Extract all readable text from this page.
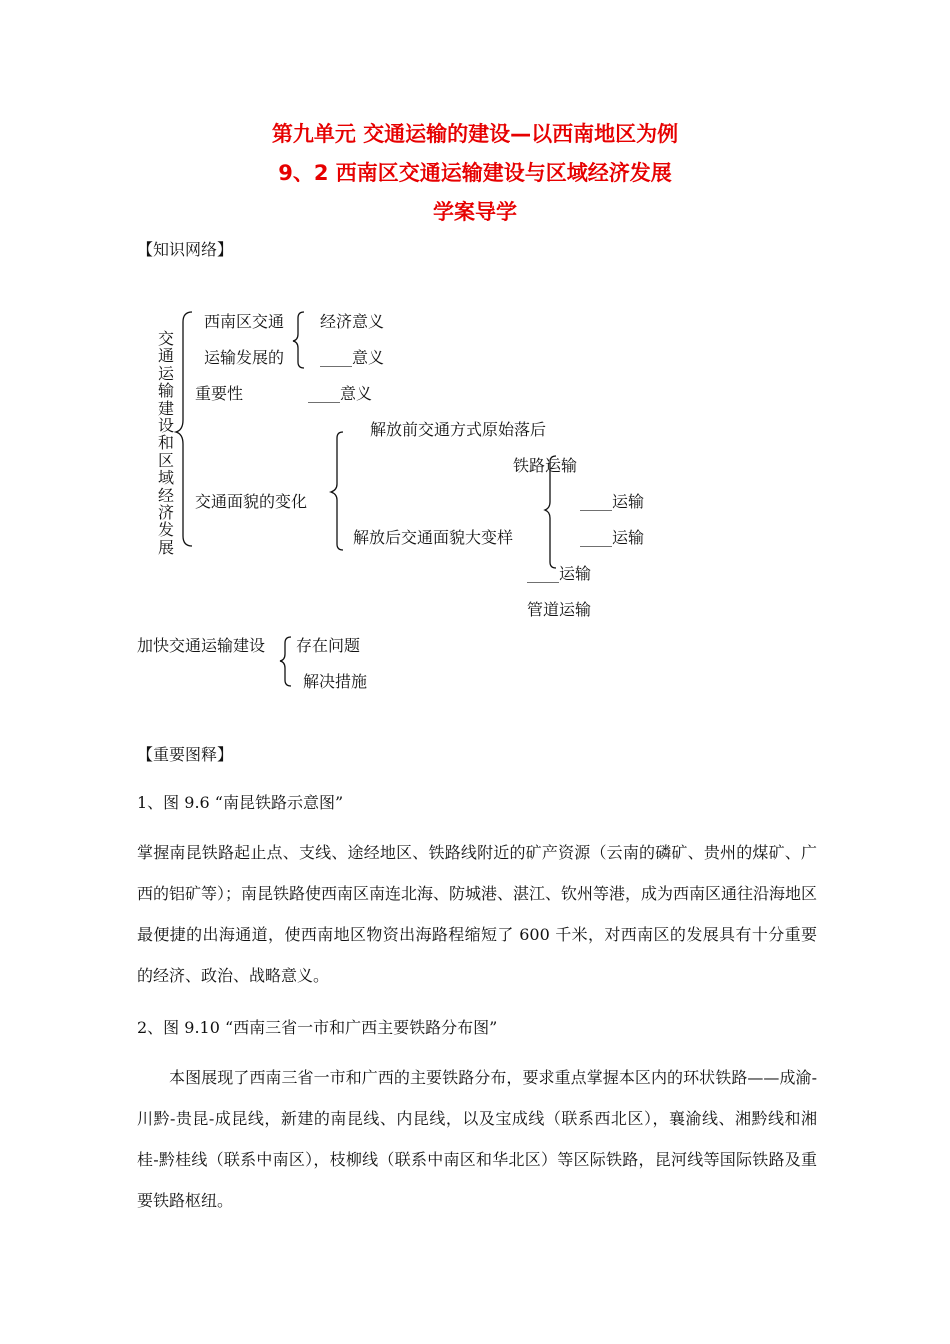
第九单元 交通运输的建设—以西南地区为例
9、2 西南区交通运输建设与区域经济发展
学案导学
【知识网络】
交通运输建设和区域经济发展
西南区交通
运输发展的
重要性
经济意义
____意义
____意义
交通面貌的变化
解放前交通方式原始落后
解放后交通面貌大变样
铁路运输
____运输
____运输
____运输
管道运输
加快交通运输建设 存在问题
解决措施
【重要图释】
1、图 9.6 “南昆铁路示意图”
掌握南昆铁路起止点、支线、途经地区、铁路线附近的矿产资源（云南的磷矿、贵州的煤矿、广西的铝矿等）；南昆铁路使西南区南连北海、防城港、湛江、钦州等港，成为西南区通往沿海地区最便捷的出海通道，使西南地区物资出海路程缩短了 600 千米，对西南区的发展具有十分重要的经济、政治、战略意义。
2、图 9.10 “西南三省一市和广西主要铁路分布图”
本图展现了西南三省一市和广西的主要铁路分布，要求重点掌握本区内的环状铁路——成渝-川黔-贵昆-成昆线，新建的南昆线、内昆线，以及宝成线（联系西北区），襄渝线、湘黔线和湘桂-黔桂线（联系中南区），枝柳线（联系中南区和华北区）等区际铁路，昆河线等国际铁路及重要铁路枢纽。
